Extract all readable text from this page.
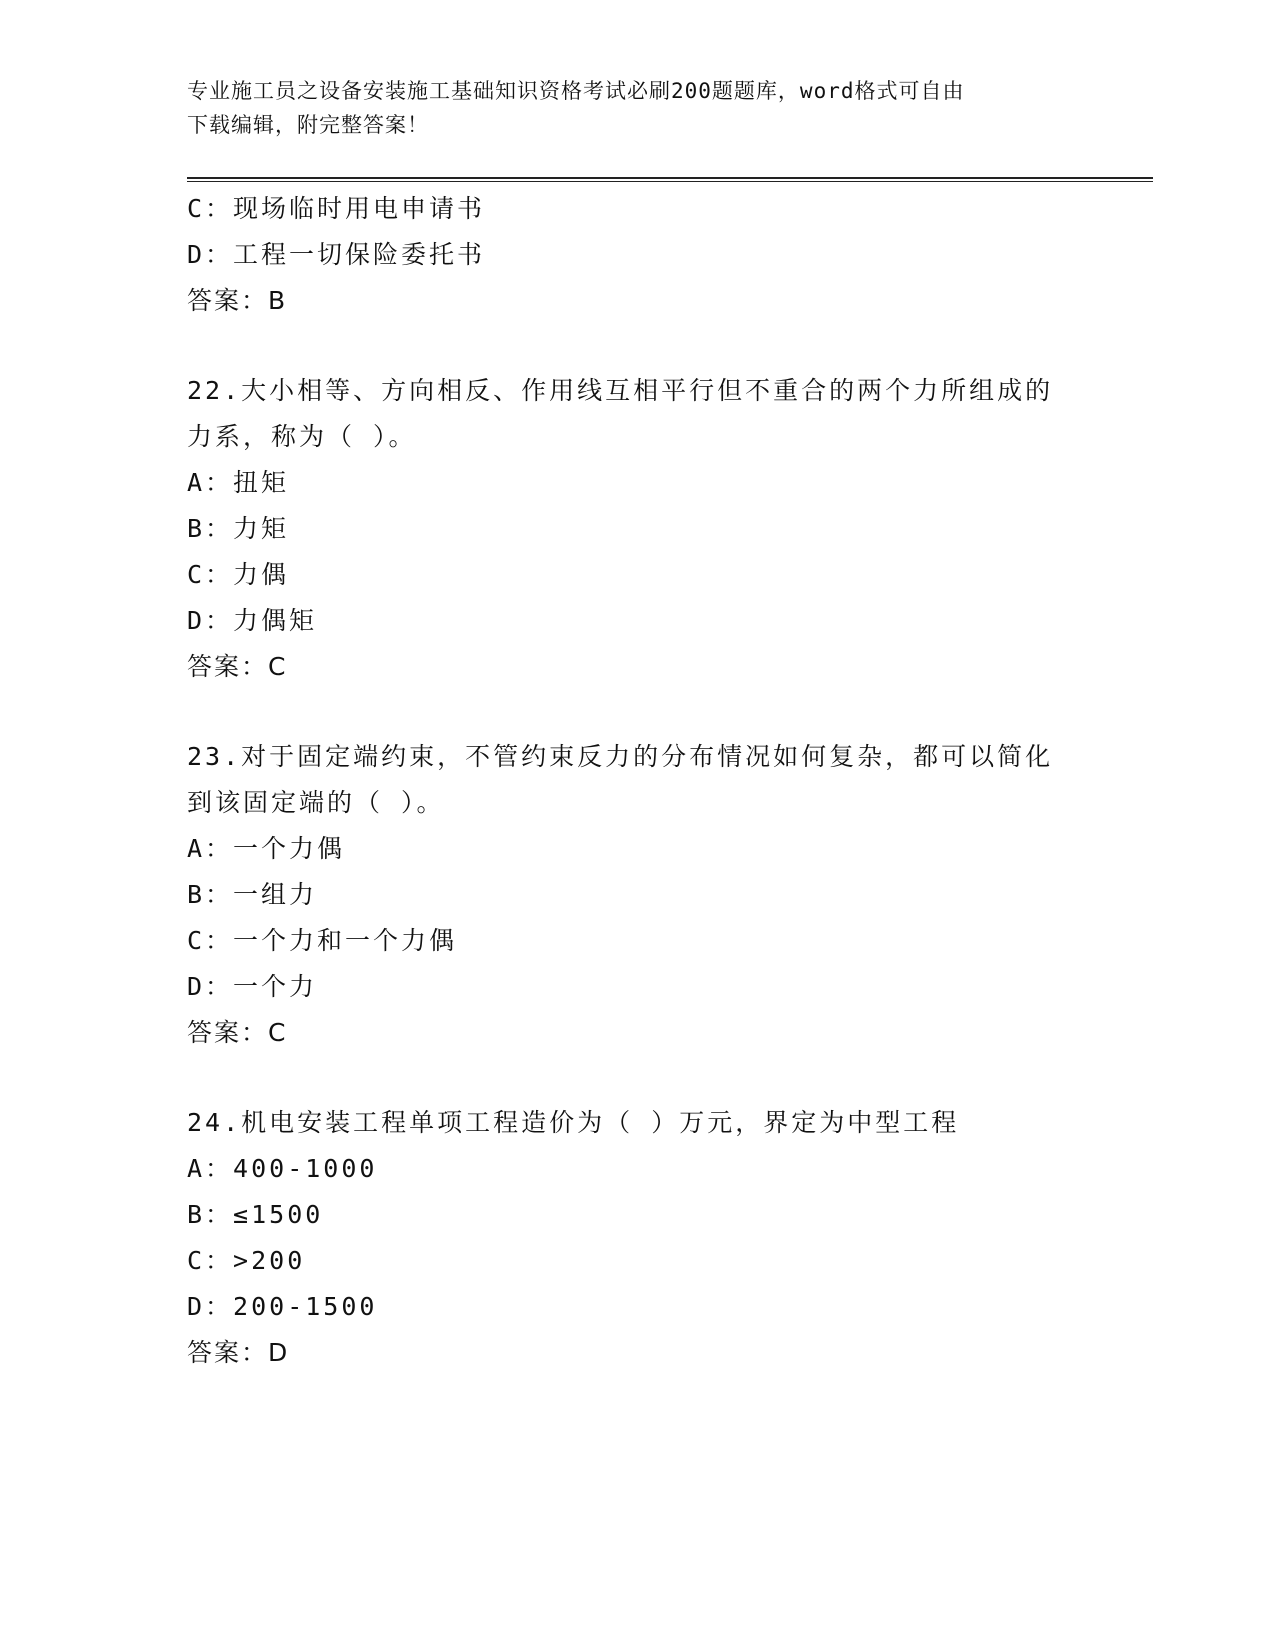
专业施工员之设备安装施工基础知识资格考试必刷200题题库，word格式可自由
下载编辑，附完整答案！
C：现场临时用电申请书
D：工程一切保险委托书
答案：B
22.大小相等、方向相反、作用线互相平行但不重合的两个力所组成的
力系，称为（ ）。
A：扭矩
B：力矩
C：力偶
D：力偶矩
答案：C
23.对于固定端约束，不管约束反力的分布情况如何复杂，都可以简化
到该固定端的（ ）。
A：一个力偶
B：一组力
C：一个力和一个力偶
D：一个力
答案：C
24.机电安装工程单项工程造价为（ ）万元，界定为中型工程
A：400-1000
B：≤1500
C：>200
D：200-1500
答案：D
